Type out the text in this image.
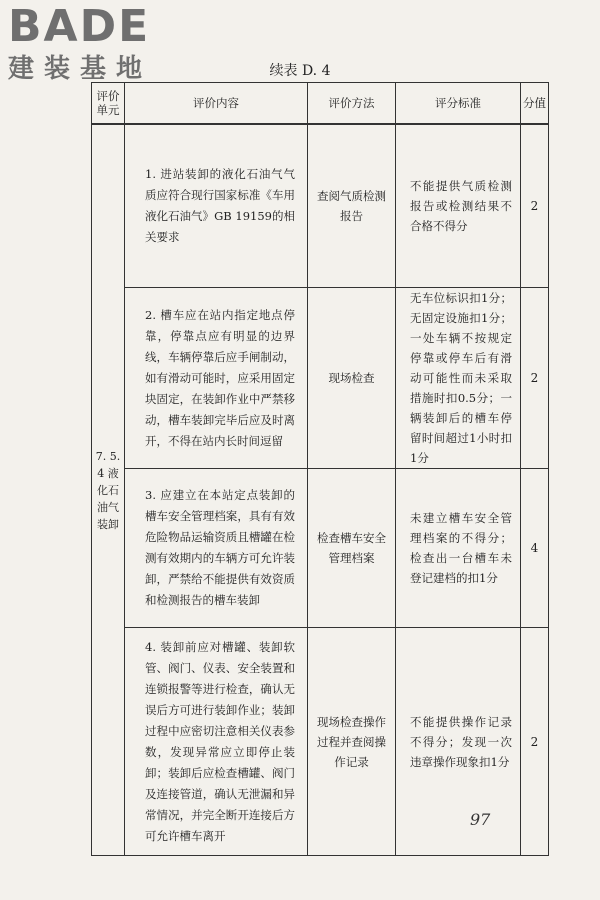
BADE
建装基地	续表 D. 4
评价单元	评价内容	评价方法	评分标准	分值
7. 5. 4 液化石油气装卸	1. 进站装卸的液化石油气气质应符合现行国家标准《车用液化石油气》GB 19159的相关要求	查阅气质检测报告	不能提供气质检测报告或检测结果不合格不得分	2
	2. 槽车应在站内指定地点停靠，停靠点应有明显的边界线，车辆停靠后应手闸制动，如有滑动可能时，应采用固定块固定，在装卸作业中严禁移动，槽车装卸完毕后应及时离开，不得在站内长时间逗留	现场检查	无车位标识扣1分；无固定设施扣1分；一处车辆不按规定停靠或停车后有滑动可能性而未采取措施时扣0.5分；一辆装卸后的槽车停留时间超过1小时扣1分	2
	3. 应建立在本站定点装卸的槽车安全管理档案，具有有效危险物品运输资质且槽罐在检测有效期内的车辆方可允许装卸，严禁给不能提供有效资质和检测报告的槽车装卸	检查槽车安全管理档案	未建立槽车安全管理档案的不得分；检查出一台槽车未登记建档的扣1分	4
	4. 装卸前应对槽罐、装卸软管、阀门、仪表、安全装置和连锁报警等进行检查，确认无误后方可进行装卸作业；装卸过程中应密切注意相关仪表参数，发现异常应立即停止装卸；装卸后应检查槽罐、阀门及连接管道，确认无泄漏和异常情况，并完全断开连接后方可允许槽车离开	现场检查操作过程并查阅操作记录	不能提供操作记录不得分；发现一次违章操作现象扣1分	2
97
